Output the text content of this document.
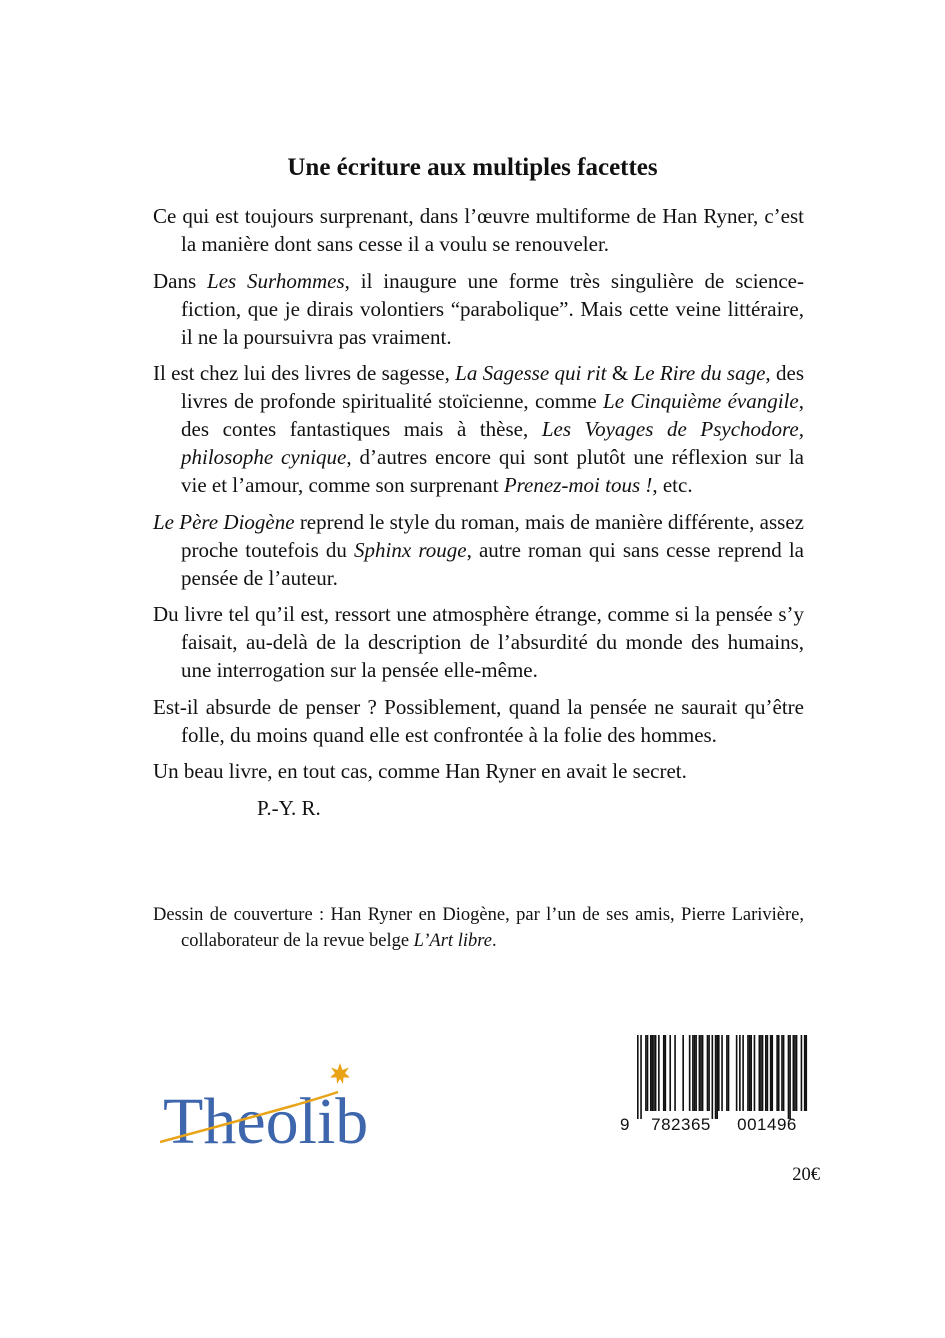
Une écriture aux multiples facettes

Ce qui est toujours surprenant, dans l’œuvre multiforme de Han Ryner, c’est la manière dont sans cesse il a voulu se renouveler.

Dans Les Surhommes, il inaugure une forme très singulière de science-fiction, que je dirais volontiers “parabolique”. Mais cette veine littéraire, il ne la poursuivra pas vraiment.

Il est chez lui des livres de sagesse, La Sagesse qui rit & Le Rire du sage, des livres de profonde spiritualité stoïcienne, comme Le Cinquième évangile, des contes fantastiques mais à thèse, Les Voyages de Psychodore, philosophe cynique, d’autres encore qui sont plutôt une réflexion sur la vie et l’amour, comme son surprenant Prenez-moi tous !, etc.

Le Père Diogène reprend le style du roman, mais de manière différente, assez proche toutefois du Sphinx rouge, autre roman qui sans cesse reprend la pensée de l’auteur.

Du livre tel qu’il est, ressort une atmosphère étrange, comme si la pensée s’y faisait, au-delà de la description de l’absurdité du monde des humains, une interrogation sur la pensée elle-même.

Est-il absurde de penser ? Possiblement, quand la pensée ne saurait qu’être folle, du moins quand elle est confrontée à la folie des hommes.

Un beau livre, en tout cas, comme Han Ryner en avait le secret.

P.-Y. R.
Dessin de couverture : Han Ryner en Diogène, par l’un de ses amis, Pierre Larivière, collaborateur de la revue belge L’Art libre.
Theolib	9 782365 001496
20€
